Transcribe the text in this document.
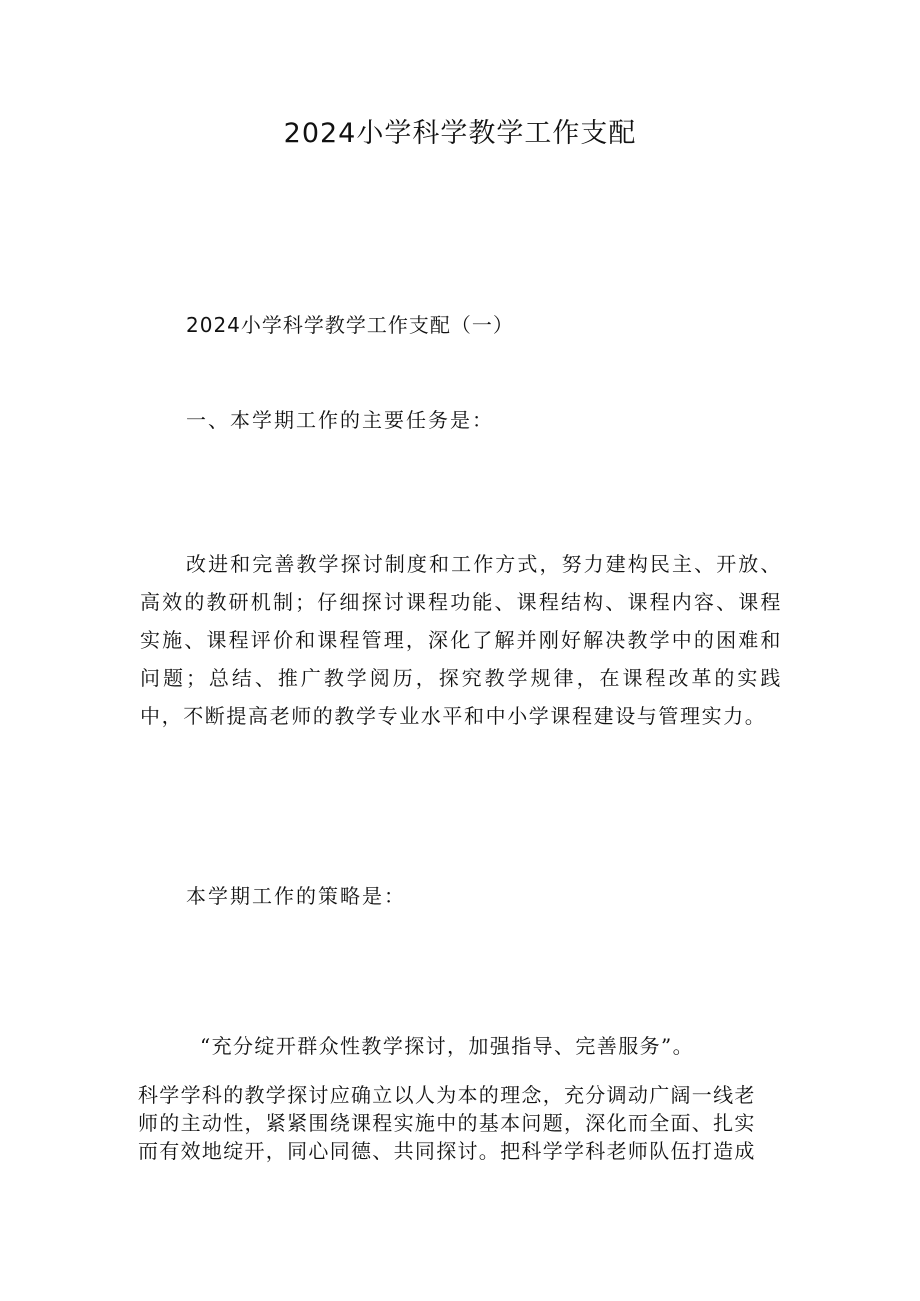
2024小学科学教学工作支配

2024小学科学教学工作支配（一）

一、本学期工作的主要任务是：

改进和完善教学探讨制度和工作方式，努力建构民主、开放、高效的教研机制；仔细探讨课程功能、课程结构、课程内容、课程实施、课程评价和课程管理，深化了解并刚好解决教学中的困难和问题；总结、推广教学阅历，探究教学规律，在课程改革的实践中，不断提高老师的教学专业水平和中小学课程建设与管理实力。

本学期工作的策略是：

“充分绽开群众性教学探讨，加强指导、完善服务”。

科学学科的教学探讨应确立以人为本的理念，充分调动广阔一线老
师的主动性，紧紧围绕课程实施中的基本问题，深化而全面、扎实
而有效地绽开，同心同德、共同探讨。把科学学科老师队伍打造成
